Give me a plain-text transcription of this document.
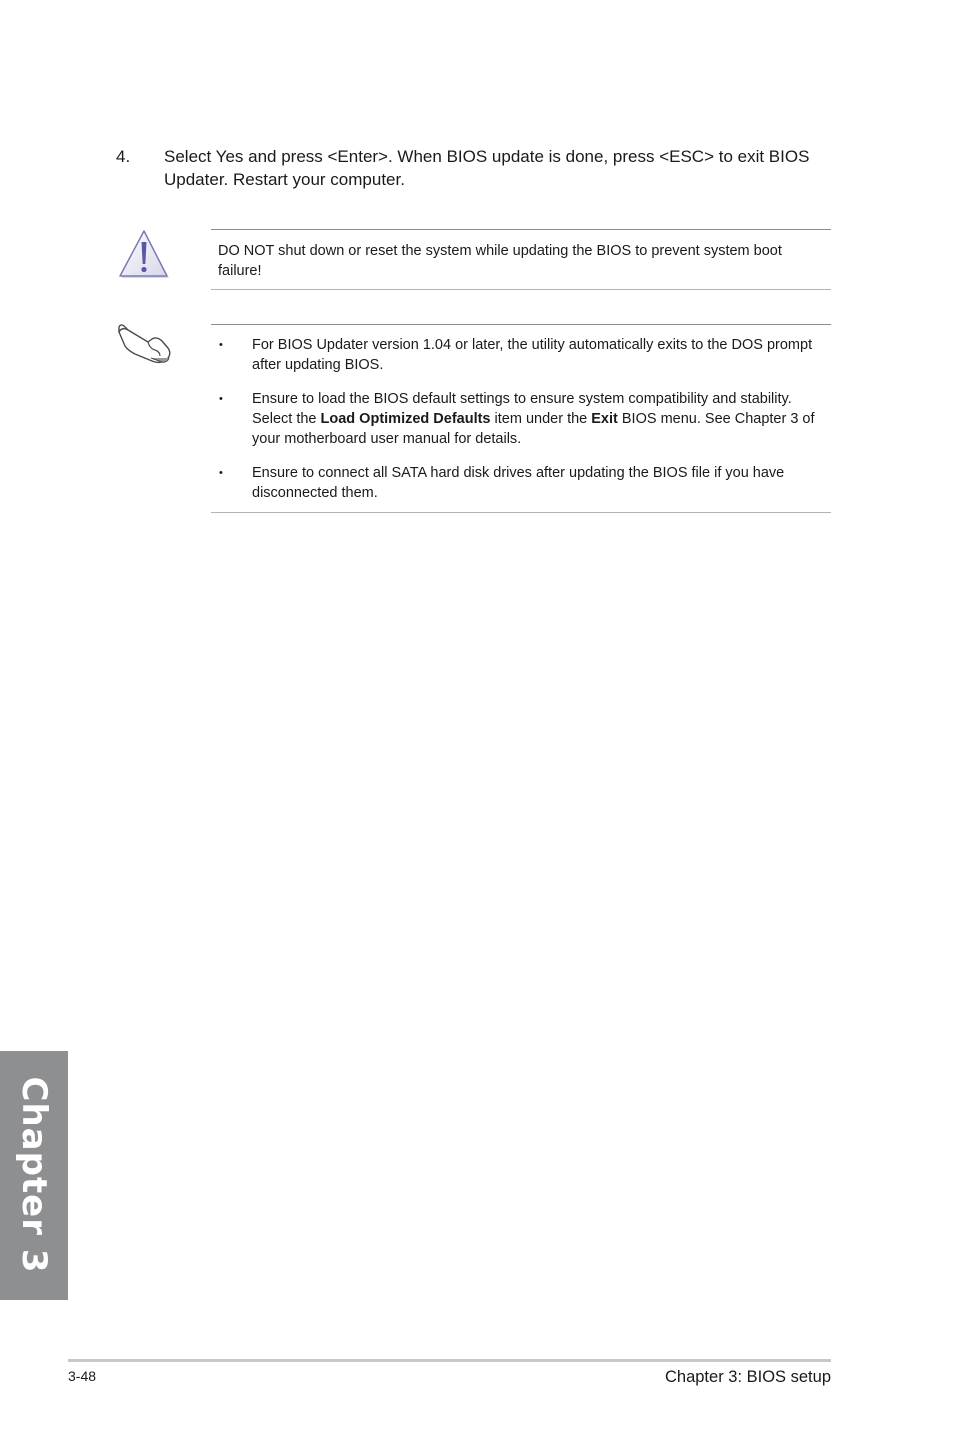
4. Select Yes and press <Enter>. When BIOS update is done, press <ESC> to exit BIOS Updater. Restart your computer.
DO NOT shut down or reset the system while updating the BIOS to prevent system boot failure!
• For BIOS Updater version 1.04 or later, the utility automatically exits to the DOS prompt after updating BIOS.
• Ensure to load the BIOS default settings to ensure system compatibility and stability. Select the Load Optimized Defaults item under the Exit BIOS menu. See Chapter 3 of your motherboard user manual for details.
• Ensure to connect all SATA hard disk drives after updating the BIOS file if you have disconnected them.
Chapter 3
3-48	Chapter 3: BIOS setup
